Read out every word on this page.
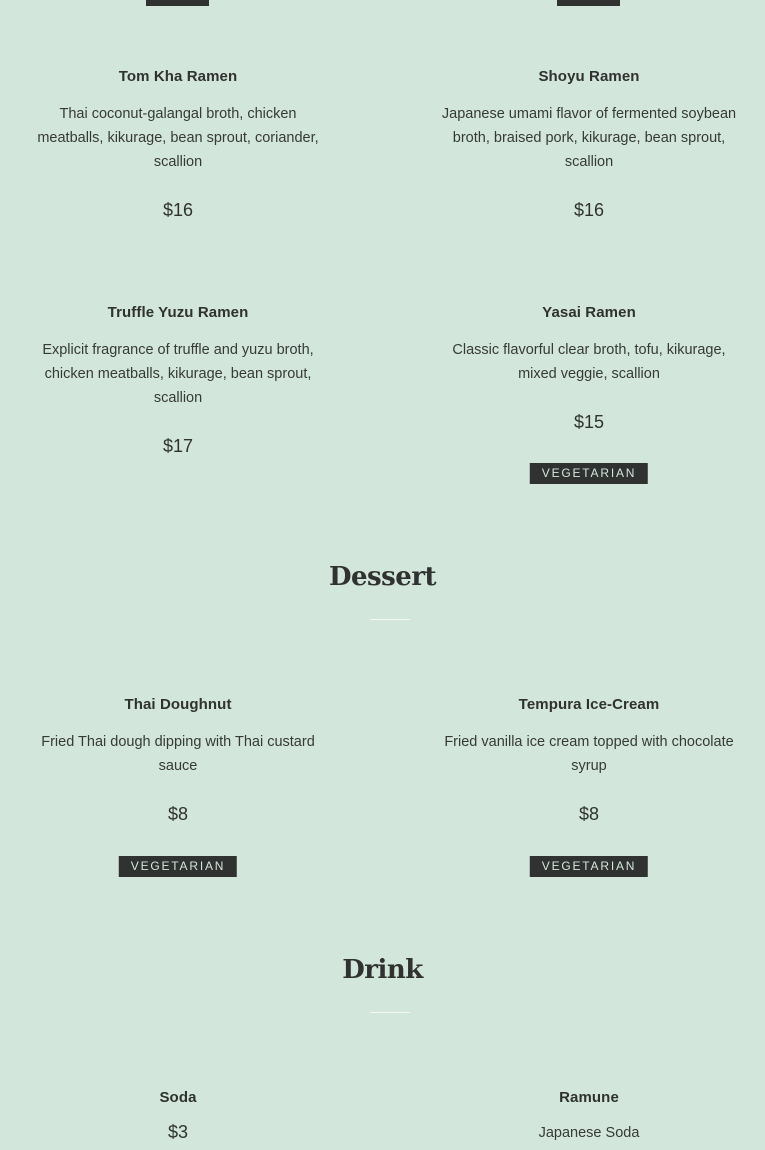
Tom Kha Ramen
Thai coconut-galangal broth, chicken meatballs, kikurage, bean sprout, coriander, scallion
$16
Shoyu Ramen
Japanese umami flavor of fermented soybean broth, braised pork, kikurage, bean sprout, scallion
$16
Truffle Yuzu Ramen
Explicit fragrance of truffle and yuzu broth, chicken meatballs, kikurage, bean sprout, scallion
$17
Yasai Ramen
Classic flavorful clear broth, tofu, kikurage, mixed veggie, scallion
$15
VEGETARIAN
Dessert
Thai Doughnut
Fried Thai dough dipping with Thai custard sauce
$8
VEGETARIAN
Tempura Ice-Cream
Fried vanilla ice cream topped with chocolate syrup
$8
VEGETARIAN
Drink
Soda
$3
Ramune
Japanese Soda
